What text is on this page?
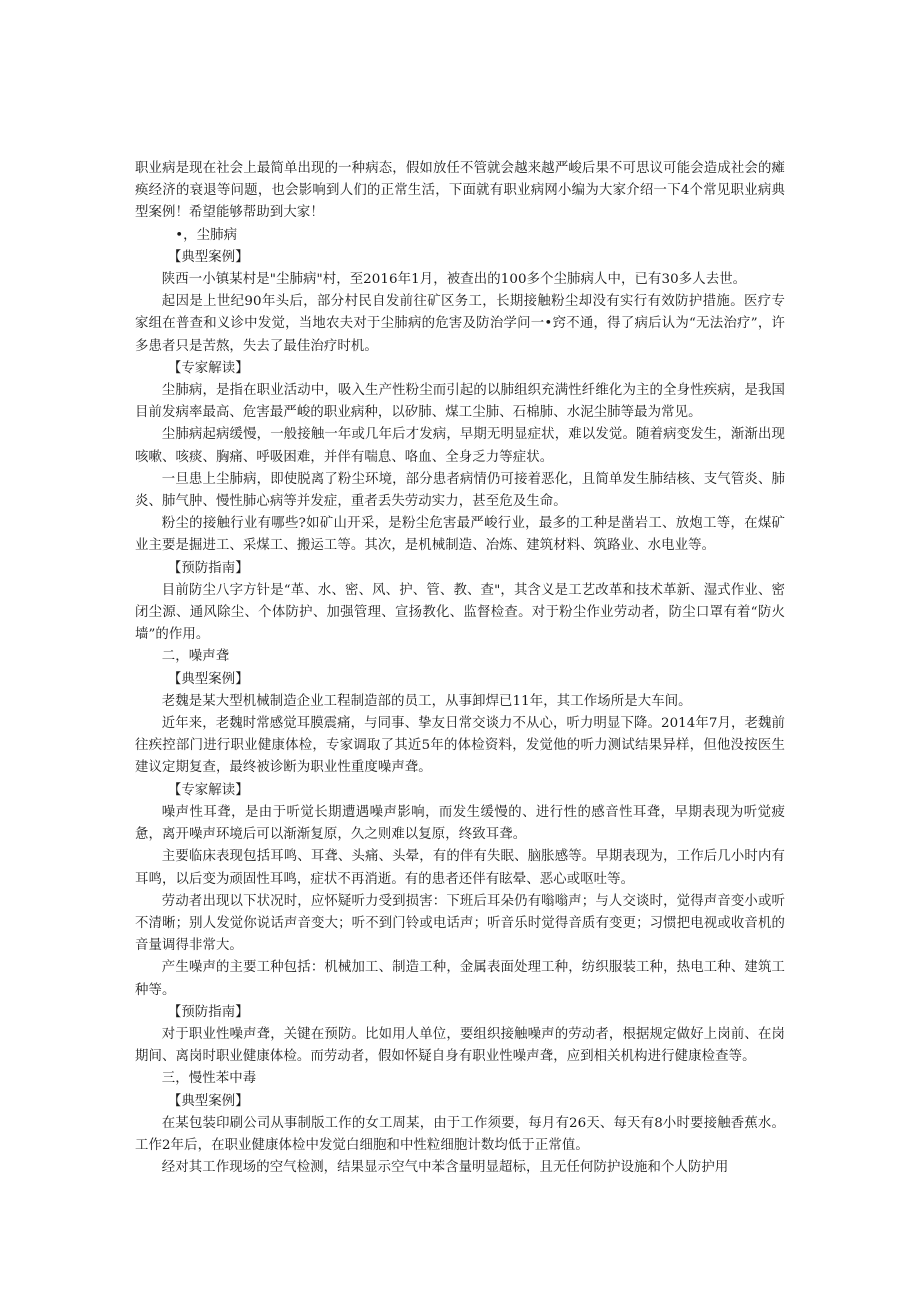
职业病是现在社会上最简单出现的一种病态，假如放任不管就会越来越严峻后果不可思议可能会造成社会的瘫痪经济的衰退等问题，也会影响到人们的正常生活，下面就有职业病网小编为大家介绍一下4个常见职业病典型案例！希望能够帮助到大家！

•，尘肺病

【典型案例】

陕西一小镇某村是"尘肺病"村，至2016年1月，被查出的100多个尘肺病人中，已有30多人去世。

起因是上世纪90年头后，部分村民自发前往矿区务工，长期接触粉尘却没有实行有效防护措施。医疗专家组在普查和义诊中发觉，当地农夫对于尘肺病的危害及防治学问一•窍不通，得了病后认为“无法治疗”，许多患者只是苦熬，失去了最佳治疗时机。

【专家解读】

尘肺病，是指在职业活动中，吸入生产性粉尘而引起的以肺组织充满性纤维化为主的全身性疾病，是我国目前发病率最高、危害最严峻的职业病种，以矽肺、煤工尘肺、石棉肺、水泥尘肺等最为常见。

尘肺病起病缓慢，一般接触一年或几年后才发病，早期无明显症状，难以发觉。随着病变发生，渐渐出现咳嗽、咳痰、胸痛、呼吸困难，并伴有喘息、咯血、全身乏力等症状。

一旦患上尘肺病，即使脱离了粉尘环境，部分患者病情仍可接着恶化，且简单发生肺结核、支气管炎、肺炎、肺气肿、慢性肺心病等并发症，重者丢失劳动实力，甚至危及生命。

粉尘的接触行业有哪些?如矿山开采，是粉尘危害最严峻行业，最多的工种是凿岩工、放炮工等，在煤矿业主要是掘进工、采煤工、搬运工等。其次，是机械制造、冶炼、建筑材料、筑路业、水电业等。

【预防指南】

目前防尘八字方针是“革、水、密、风、护、管、教、查"，其含义是工艺改革和技术革新、湿式作业、密闭尘源、通风除尘、个体防护、加强管理、宣扬教化、监督检查。对于粉尘作业劳动者，防尘口罩有着“防火墙”的作用。

二，噪声聋

【典型案例】

老魏是某大型机械制造企业工程制造部的员工，从事卸焊已11年，其工作场所是大车间。

近年来，老魏时常感觉耳膜震痛，与同事、挚友日常交谈力不从心，听力明显下降。2014年7月，老魏前往疾控部门进行职业健康体检，专家调取了其近5年的体检资料，发觉他的听力测试结果异样，但他没按医生建议定期复查，最终被诊断为职业性重度噪声聋。

【专家解读】

噪声性耳聋，是由于听觉长期遭遇噪声影响，而发生缓慢的、进行性的感音性耳聋，早期表现为听觉疲惫，离开噪声环境后可以渐渐复原，久之则难以复原，终致耳聋。

主要临床表现包括耳鸣、耳聋、头痛、头晕，有的伴有失眠、脑胀感等。早期表现为，工作后几小时内有耳鸣，以后变为顽固性耳鸣，症状不再消逝。有的患者还伴有眩晕、恶心或呕吐等。

劳动者出现以下状况时，应怀疑听力受到损害：下班后耳朵仍有嗡嗡声；与人交谈时，觉得声音变小或听不清晰；别人发觉你说话声音变大；听不到门铃或电话声；听音乐时觉得音质有变更；习惯把电视或收音机的音量调得非常大。

产生噪声的主要工种包括：机械加工、制造工种，金属表面处理工种，纺织服装工种，热电工种、建筑工种等。

【预防指南】

对于职业性噪声聋，关键在预防。比如用人单位，要组织接触噪声的劳动者，根据规定做好上岗前、在岗期间、离岗时职业健康体检。而劳动者，假如怀疑自身有职业性噪声聋，应到相关机构进行健康检查等。

三，慢性苯中毒

【典型案例】

在某包装印刷公司从事制版工作的女工周某，由于工作须要，每月有26天、每天有8小时要接触香蕉水。工作2年后，在职业健康体检中发觉白细胞和中性粒细胞计数均低于正常值。

经对其工作现场的空气检测，结果显示空气中苯含量明显超标，且无任何防护设施和个人防护用
